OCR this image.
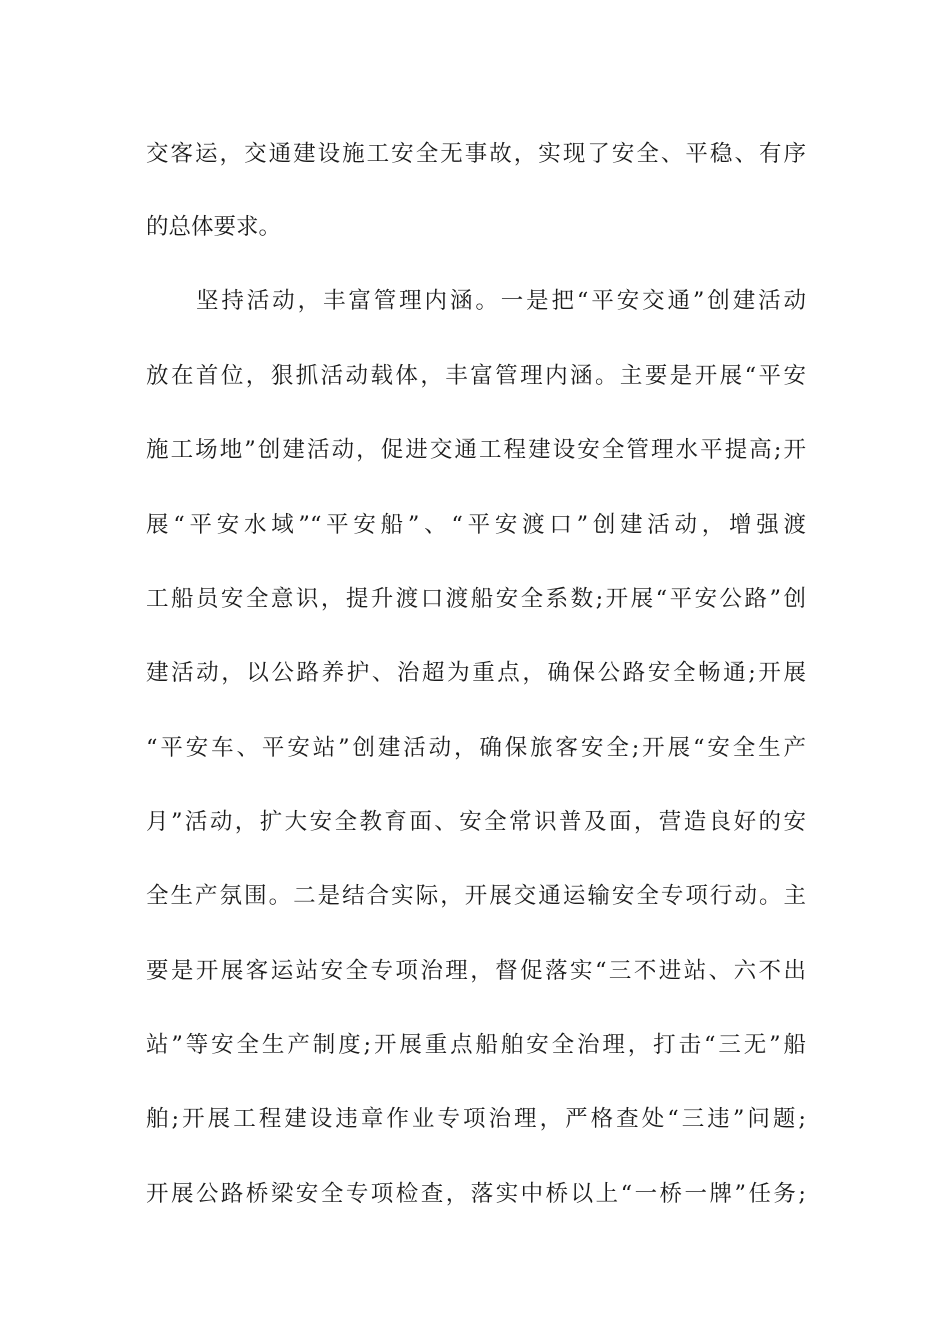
交客运，交通建设施工安全无事故，实现了安全、平稳、有序
的总体要求。
坚持活动，丰富管理内涵。一是把“平安交通”创建活动
放在首位，狠抓活动载体，丰富管理内涵。主要是开展“平安
施工场地”创建活动，促进交通工程建设安全管理水平提高;开
展“平安水域”“平安船”、“平安渡口”创建活动，增强渡
工船员安全意识，提升渡口渡船安全系数;开展“平安公路”创
建活动，以公路养护、治超为重点，确保公路安全畅通;开展
“平安车、平安站”创建活动，确保旅客安全;开展“安全生产
月”活动，扩大安全教育面、安全常识普及面，营造良好的安
全生产氛围。二是结合实际，开展交通运输安全专项行动。主
要是开展客运站安全专项治理，督促落实“三不进站、六不出
站”等安全生产制度;开展重点船舶安全治理，打击“三无”船
舶;开展工程建设违章作业专项治理，严格查处“三违”问题;
开展公路桥梁安全专项检查，落实中桥以上“一桥一牌”任务;
